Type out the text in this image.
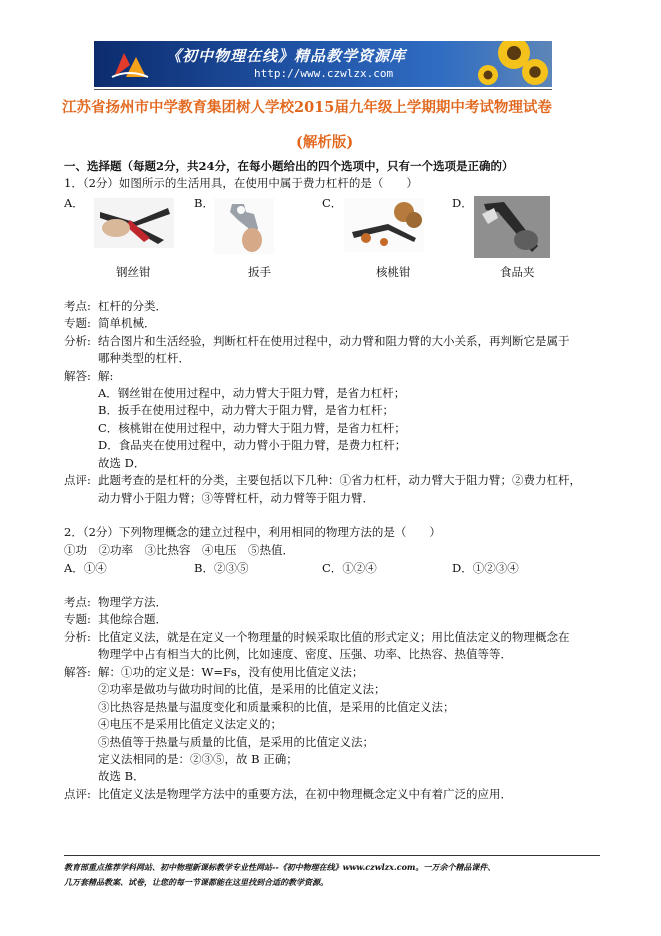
《初中物理在线》精品教学资源库
http://www.czwlzx.com
江苏省扬州市中学教育集团树人学校2015届九年级上学期期中考试物理试卷
(解析版)
一、选择题（每题2分，共24分，在每小题给出的四个选项中，只有一个选项是正确的）
1．（2分）如图所示的生活用具，在使用中属于费力杠杆的是（　　）
A．	B．	C．	D．
钢丝钳	扳手	核桃钳	食品夹
考点: 杠杆的分类．
专题: 简单机械．
分析: 结合图片和生活经验，判断杠杆在使用过程中，动力臂和阻力臂的大小关系，再判断它是属于
哪种类型的杠杆．
解答: 解:
A．钢丝钳在使用过程中，动力臂大于阻力臂，是省力杠杆；
B．扳手在使用过程中，动力臂大于阻力臂，是省力杠杆；
C．核桃钳在使用过程中，动力臂大于阻力臂，是省力杠杆；
D．食品夹在使用过程中，动力臂小于阻力臂，是费力杠杆；
故选 D．
点评: 此题考查的是杠杆的分类，主要包括以下几种：①省力杠杆，动力臂大于阻力臂；②费力杠杆，
动力臂小于阻力臂；③等臂杠杆，动力臂等于阻力臂．
2．（2分）下列物理概念的建立过程中，利用相同的物理方法的是（　　）
①功　②功率　③比热容　④电压　⑤热值．
A．①④	B．②③⑤	C．①②④	D．①②③④
考点: 物理学方法．
专题: 其他综合题．
分析: 比值定义法，就是在定义一个物理量的时候采取比值的形式定义；用比值法定义的物理概念在
物理学中占有相当大的比例，比如速度、密度、压强、功率、比热容、热值等等．
解答: 解：①功的定义是：W=Fs，没有使用比值定义法；
②功率是做功与做功时间的比值，是采用的比值定义法；
③比热容是热量与温度变化和质量乘积的比值，是采用的比值定义法；
④电压不是采用比值定义法定义的；
⑤热值等于热量与质量的比值，是采用的比值定义法；
定义法相同的是：②③⑤，故 B 正确；
故选 B．
点评: 比值定义法是物理学方法中的重要方法，在初中物理概念定义中有着广泛的应用．
教育部重点推荐学科网站、初中物理新课标教学专业性网站--《初中物理在线》www.czwlzx.com。一万余个精品课件、
几万套精品教案、试卷，让您的每一节课都能在这里找到合适的教学资源。
